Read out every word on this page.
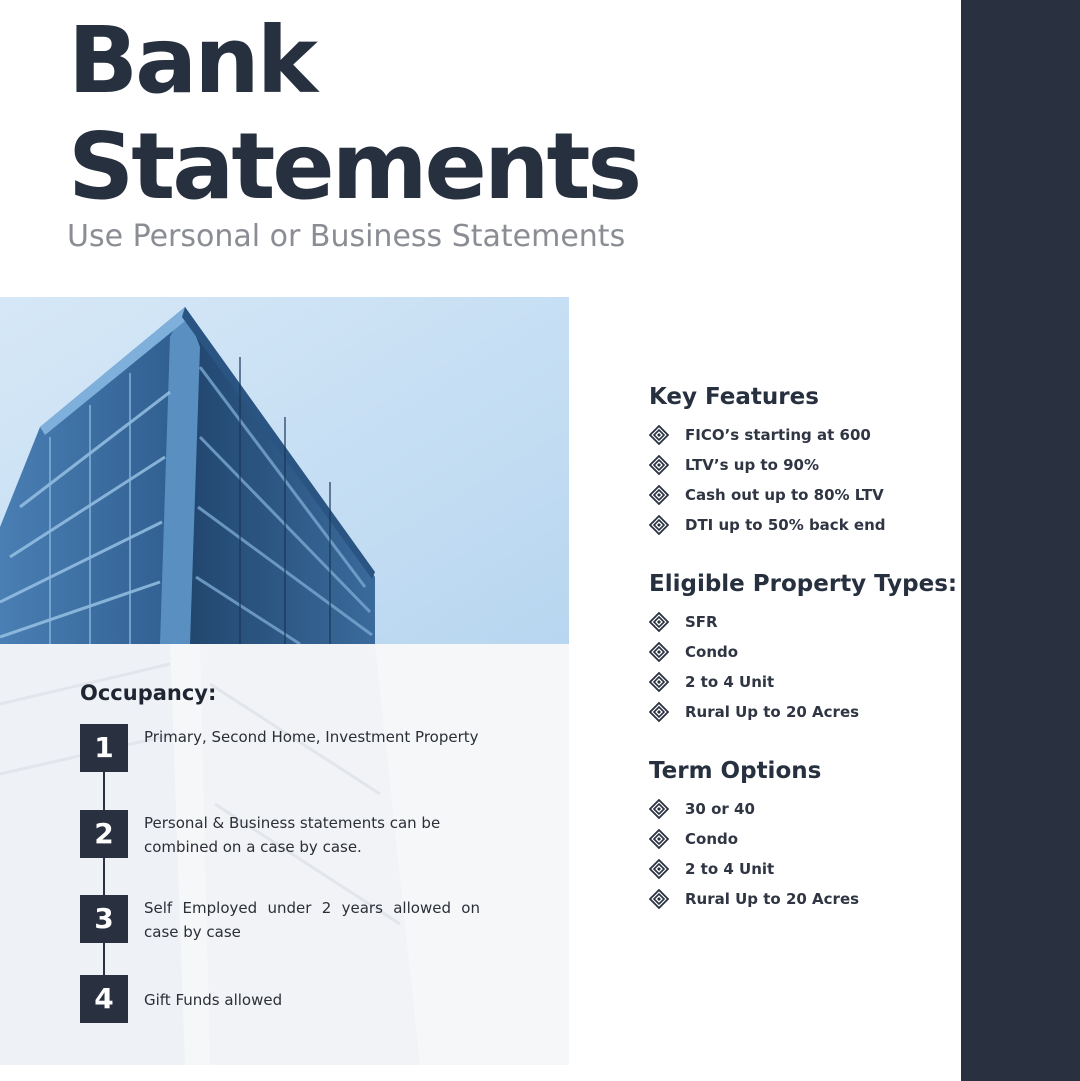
Bank
Statements

Use Personal or Business Statements

Occupancy:
1	Primary, Second Home, Investment Property

2	Personal & Business statements can be combined on a case by case.

3	Self Employed under 2 years allowed on case by case

4	Gift Funds allowed

Key Features
FICO’s starting at 600
LTV’s up to 90%
Cash out up to 80% LTV
DTI up to 50% back end
Eligible Property Types:
SFR
Condo
2 to 4 Unit
Rural Up to 20 Acres
Term Options
30 or 40
Condo
2 to 4 Unit
Rural Up to 20 Acres
